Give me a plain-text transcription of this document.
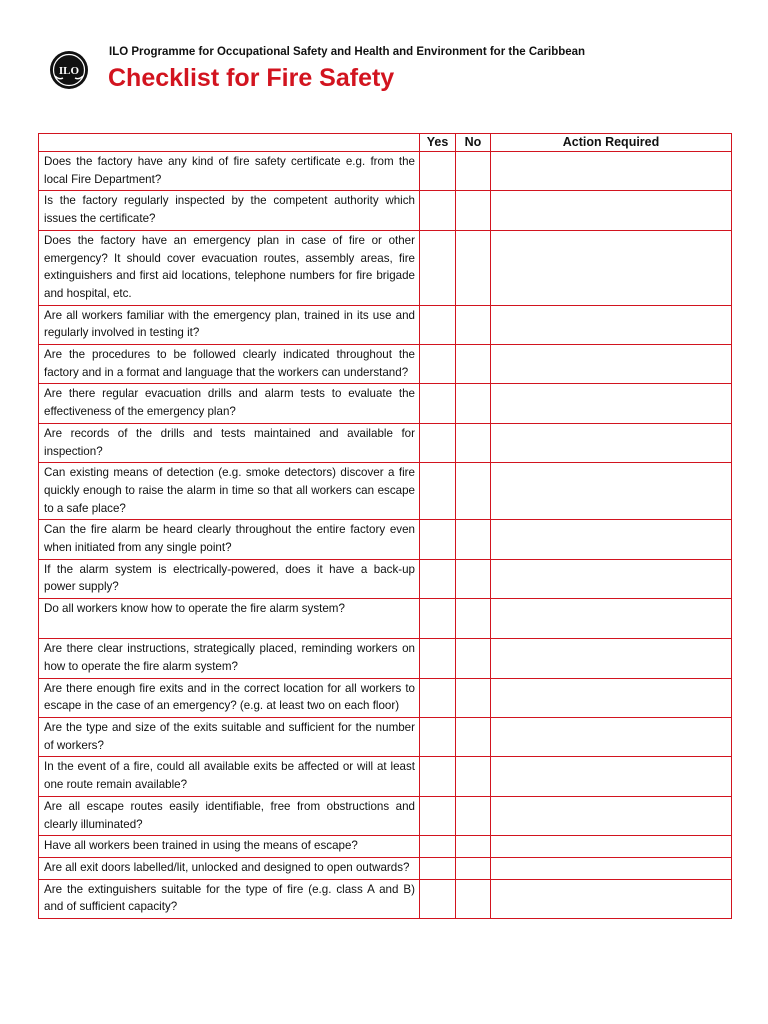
ILO
ILO Programme for Occupational Safety and Health and Environment for the Caribbean
Checklist for Fire Safety
	Yes	No	Action Required
Does the factory have any kind of fire safety certificate e.g. from the local Fire Department?			
Is the factory regularly inspected by the competent authority which issues the certificate?			
Does the factory have an emergency plan in case of fire or other emergency? It should cover evacuation routes, assembly areas, fire extinguishers and first aid locations, telephone numbers for fire brigade and hospital, etc.			
Are all workers familiar with the emergency plan, trained in its use and regularly involved in testing it?			
Are the procedures to be followed clearly indicated throughout the factory and in a format and language that the workers can understand?			
Are there regular evacuation drills and alarm tests to evaluate the effectiveness of the emergency plan?			
Are records of the drills and tests maintained and available for inspection?			
Can existing means of detection (e.g. smoke detectors) discover a fire quickly enough to raise the alarm in time so that all workers can escape to a safe place?			
Can the fire alarm be heard clearly throughout the entire factory even when initiated from any single point?			
If the alarm system is electrically-powered, does it have a back-up power supply?			
Do all workers know how to operate the fire alarm system?			
Are there clear instructions, strategically placed, reminding workers on how to operate the fire alarm system?			
Are there enough fire exits and in the correct location for all workers to escape in the case of an emergency? (e.g. at least two on each floor)			
Are the type and size of the exits suitable and sufficient for the number of workers?			
In the event of a fire, could all available exits be affected or will at least one route remain available?			
Are all escape routes easily identifiable, free from obstructions and clearly illuminated?			
Have all workers been trained in using the means of escape?			
Are all exit doors labelled/lit, unlocked and designed to open outwards?			
Are the extinguishers suitable for the type of fire (e.g. class A and B) and of sufficient capacity?			
